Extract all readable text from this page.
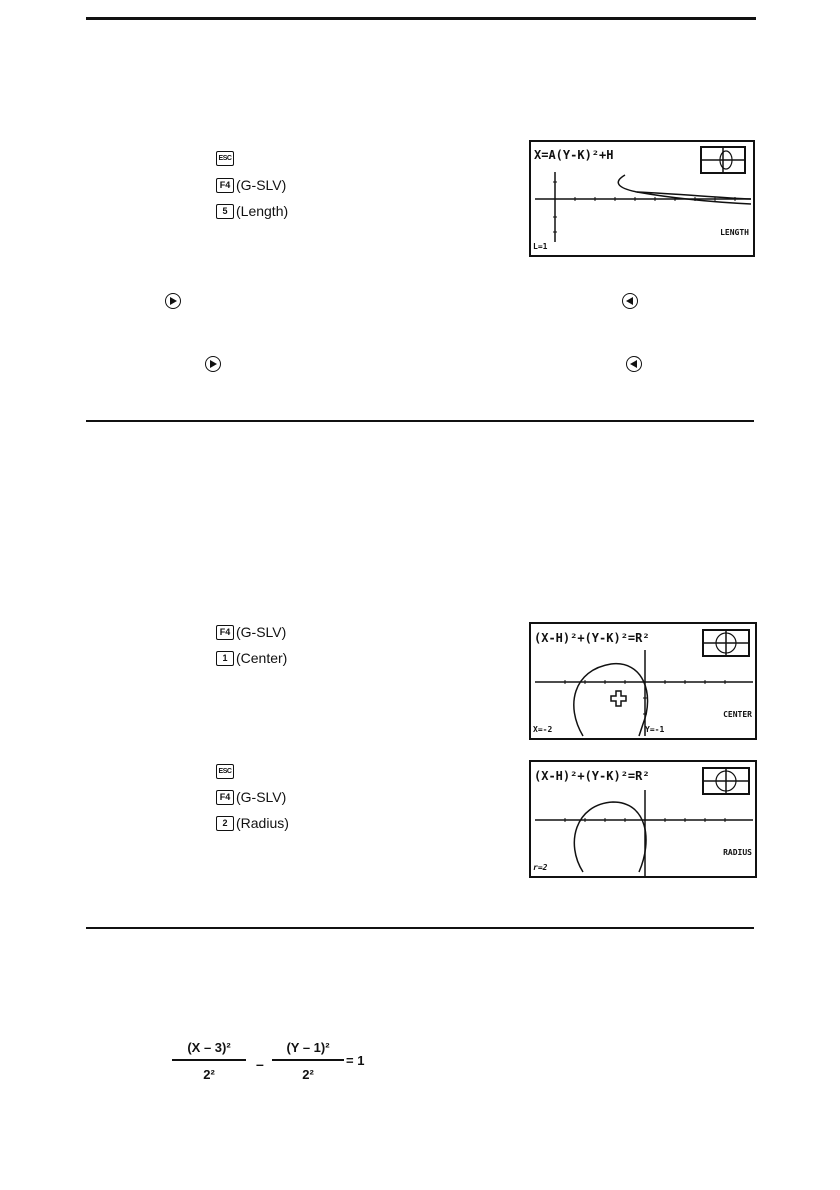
ESC
F4 (G-SLV)
5 (Length)
X=A(Y-K)²+H
LENGTH
L=1
F4 (G-SLV)
1 (Center)
(X-H)²+(Y-K)²=R²
CENTER
X=-2	Y=-1
ESC
F4 (G-SLV)
2 (Radius)
(X-H)²+(Y-K)²=R²
RADIUS
r=2
(X – 3)²
2²
–
(Y – 1)²
2²
= 1
